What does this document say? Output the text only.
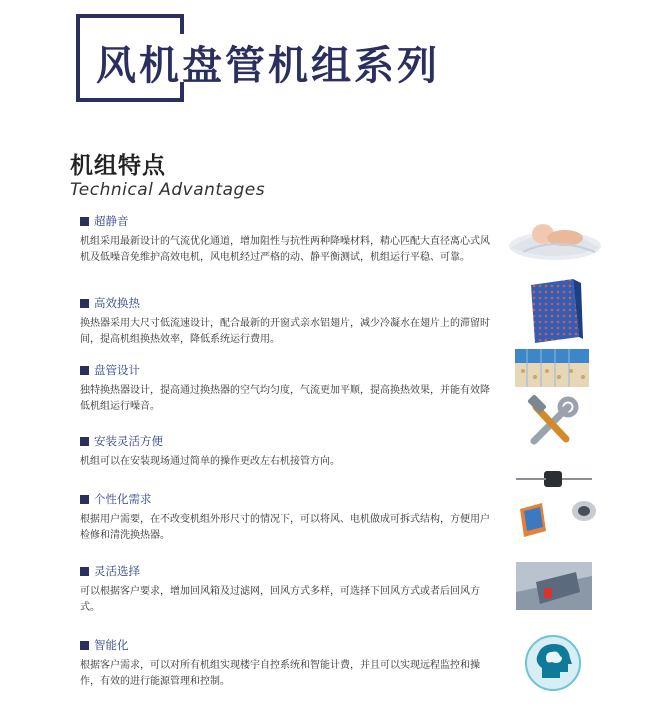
风机盘管机组系列
机组特点
Technical Advantages
超静音

机组采用最新设计的气流优化通道，增加阻性与抗性两种降噪材料，精心匹配大直径离心式风机及低噪音免维护高效电机，风电机经过严格的动、静平衡测试，机组运行平稳、可靠。

高效换热

换热器采用大尺寸低流速设计，配合最新的开窗式亲水铝翅片，减少冷凝水在翅片上的滞留时间，提高机组换热效率，降低系统运行费用。

盘管设计

独特换热器设计，提高通过换热器的空气均匀度，气流更加平顺，提高换热效果，并能有效降低机组运行噪音。

安装灵活方便

机组可以在安装现场通过简单的操作更改左右机接管方向。

个性化需求

根据用户需要，在不改变机组外形尺寸的情况下，可以将风、电机做成可拆式结构，方便用户检修和清洗换热器。

灵活选择

可以根据客户要求，增加回风箱及过滤网，回风方式多样，可选择下回风方式或者后回风方式。

智能化

根据客户需求，可以对所有机组实现楼宇自控系统和智能计费，并且可以实现远程监控和操作，有效的进行能源管理和控制。
